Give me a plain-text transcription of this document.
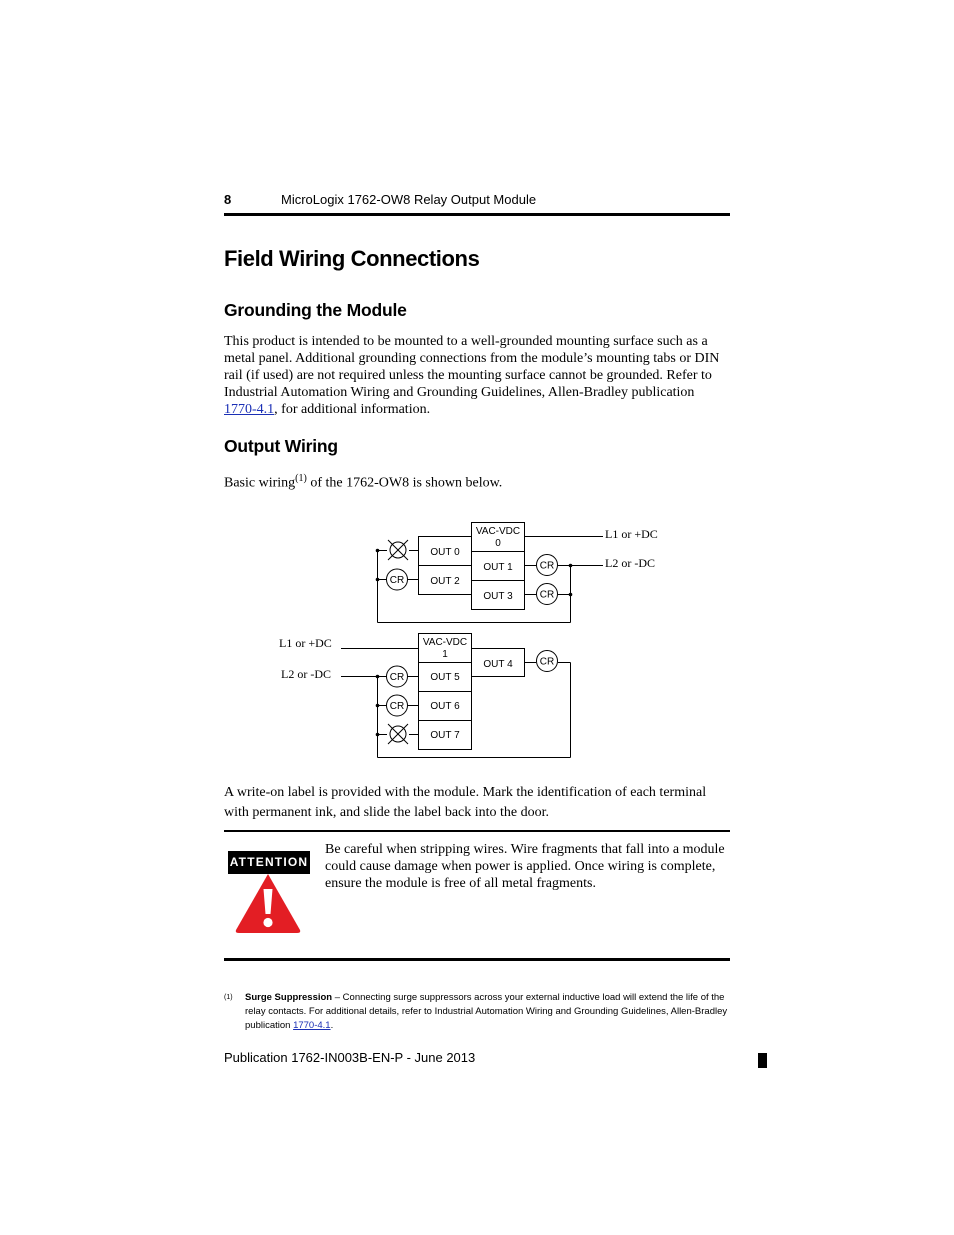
8	MicroLogix 1762-OW8 Relay Output Module
Field Wiring Connections
Grounding the Module

This product is intended to be mounted to a well-grounded mounting surface such as a metal panel. Additional grounding connections from the module’s mounting tabs or DIN rail (if used) are not required unless the mounting surface cannot be grounded. Refer to Industrial Automation Wiring and Grounding Guidelines, Allen-Bradley publication 1770-4.1, for additional information.

Output Wiring

Basic wiring$^{(1)}$ of the 1762-OW8 is shown below.

VAC-VDC
0
OUT 0
OUT 1
OUT 2
OUT 3
VAC-VDC
1
OUT 4
OUT 5
OUT 6
OUT 7
CR
CR
CR
CR
CR
CR
L1 or +DC
L2 or -DC
L1 or +DC
L2 or -DC

A write-on label is provided with the module. Mark the identification of each terminal with permanent ink, and slide the label back into the door.

ATTENTION
Be careful when stripping wires. Wire fragments that fall into a module could cause damage when power is applied. Once wiring is complete, ensure the module is free of all metal fragments.
(1) Surge Suppression – Connecting surge suppressors across your external inductive load will extend the life of the relay contacts. For additional details, refer to Industrial Automation Wiring and Grounding Guidelines, Allen-Bradley publication 1770-4.1.
Publication 1762-IN003B-EN-P - June 2013
